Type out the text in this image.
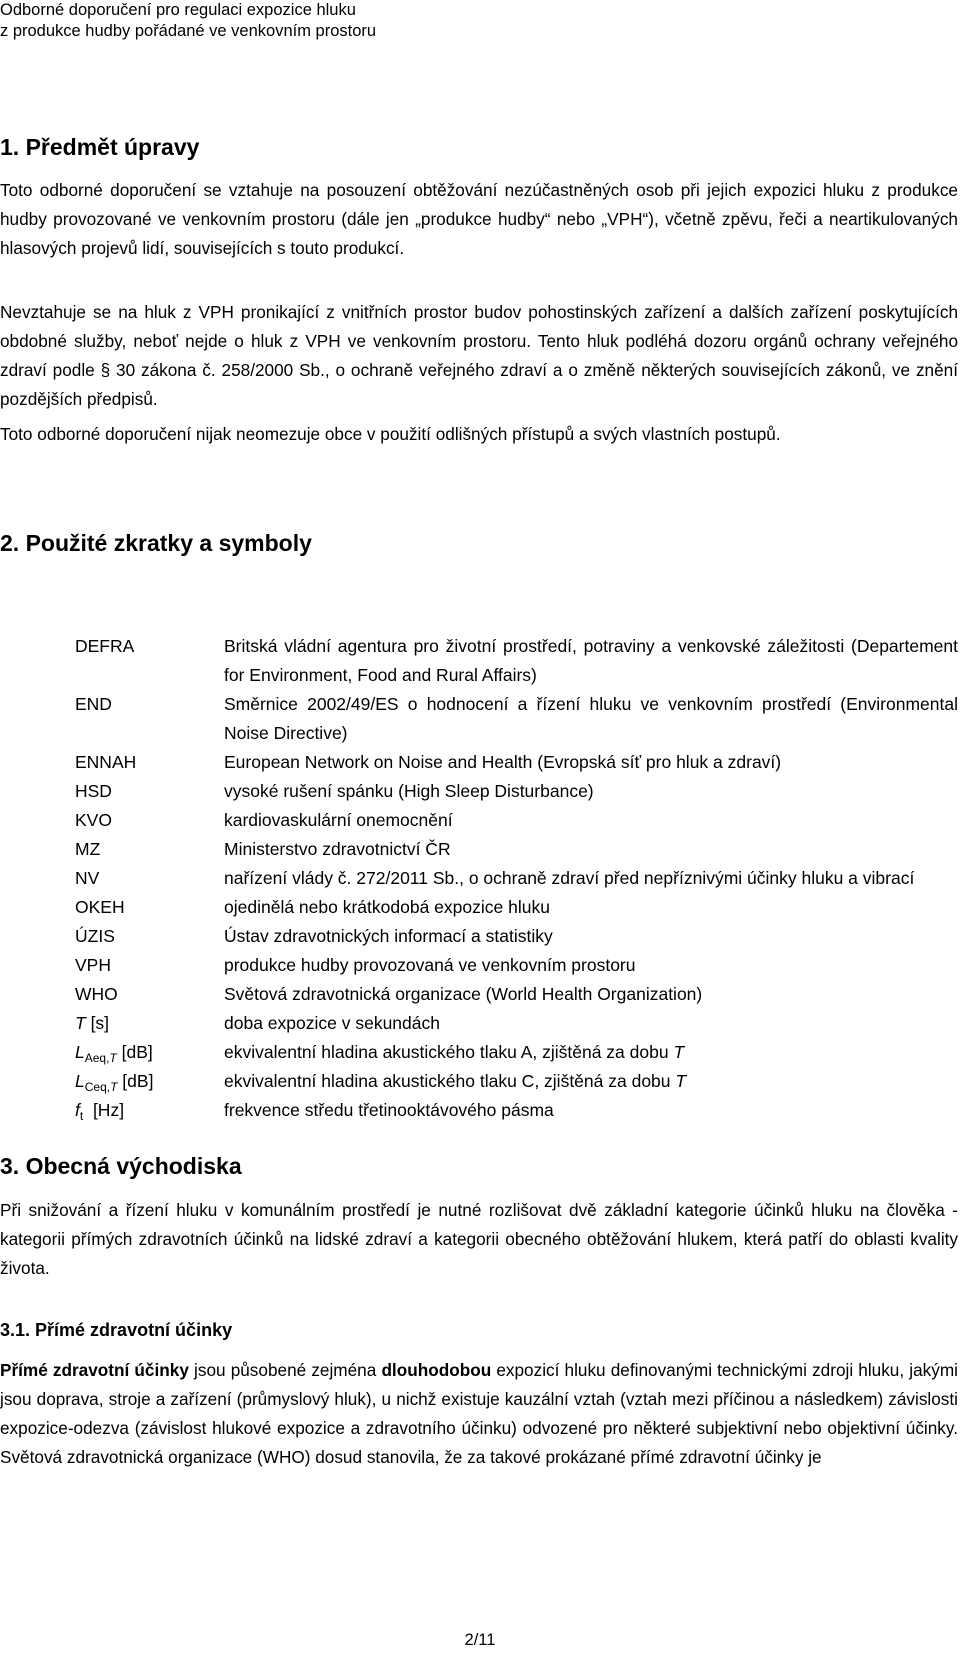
Odborné doporučení pro regulaci expozice hluku
z produkce hudby pořádané ve venkovním prostoru
1. Předmět úpravy
Toto odborné doporučení se vztahuje na posouzení obtěžování nezúčastněných osob při jejich expozici hluku z produkce hudby provozované ve venkovním prostoru (dále jen „produkce hudby“ nebo „VPH“), včetně zpěvu, řeči a neartikulovaných hlasových projevů lidí, souvisejících s touto produkcí.
Nevztahuje se na hluk z VPH pronikající z vnitřních prostor budov pohostinských zařízení a dalších zařízení poskytujících obdobné služby, neboť nejde o hluk z VPH ve venkovním prostoru. Tento hluk podléhá dozoru orgánů ochrany veřejného zdraví podle § 30 zákona č. 258/2000 Sb., o ochraně veřejného zdraví a o změně některých souvisejících zákonů, ve znění pozdějších předpisů.
Toto odborné doporučení nijak neomezuje obce v použití odlišných přístupů a svých vlastních postupů.
2. Použité zkratky a symboly
DEFRA	Britská vládní agentura pro životní prostředí, potraviny a venkovské záležitosti (Departement for Environment, Food and Rural Affairs)
END	Směrnice 2002/49/ES o hodnocení a řízení hluku ve venkovním prostředí (Environmental Noise Directive)
ENNAH	European Network on Noise and Health (Evropská síť pro hluk a zdraví)
HSD	vysoké rušení spánku (High Sleep Disturbance)
KVO	kardiovaskulární onemocnění
MZ	Ministerstvo zdravotnictví ČR
NV	nařízení vlády č. 272/2011 Sb., o ochraně zdraví před nepříznivými účinky hluku a vibrací
OKEH	ojedinělá nebo krátkodobá expozice hluku
ÚZIS	Ústav zdravotnických informací a statistiky
VPH	produkce hudby provozovaná ve venkovním prostoru
WHO	Světová zdravotnická organizace (World Health Organization)
T [s]	doba expozice v sekundách
$L_{Aeq,T}$ [dB]	ekvivalentní hladina akustického tlaku A, zjištěná za dobu T
$L_{Ceq,T}$ [dB]	ekvivalentní hladina akustického tlaku C, zjištěná za dobu T
$f_t$  [Hz]	frekvence středu třetinooktávového pásma
3. Obecná východiska
Při snižování a řízení hluku v komunálním prostředí je nutné rozlišovat dvě základní kategorie účinků hluku na člověka - kategorii přímých zdravotních účinků na lidské zdraví a kategorii obecného obtěžování hlukem, která patří do oblasti kvality života.
3.1. Přímé zdravotní účinky
Přímé zdravotní účinky jsou působené zejména dlouhodobou expozicí hluku definovanými technickými zdroji hluku, jakými jsou doprava, stroje a zařízení (průmyslový hluk), u nichž existuje kauzální vztah (vztah mezi příčinou a následkem) závislosti expozice-odezva (závislost hlukové expozice a zdravotního účinku) odvozené pro některé subjektivní nebo objektivní účinky. Světová zdravotnická organizace (WHO) dosud stanovila, že za takové prokázané přímé zdravotní účinky je
2/11
